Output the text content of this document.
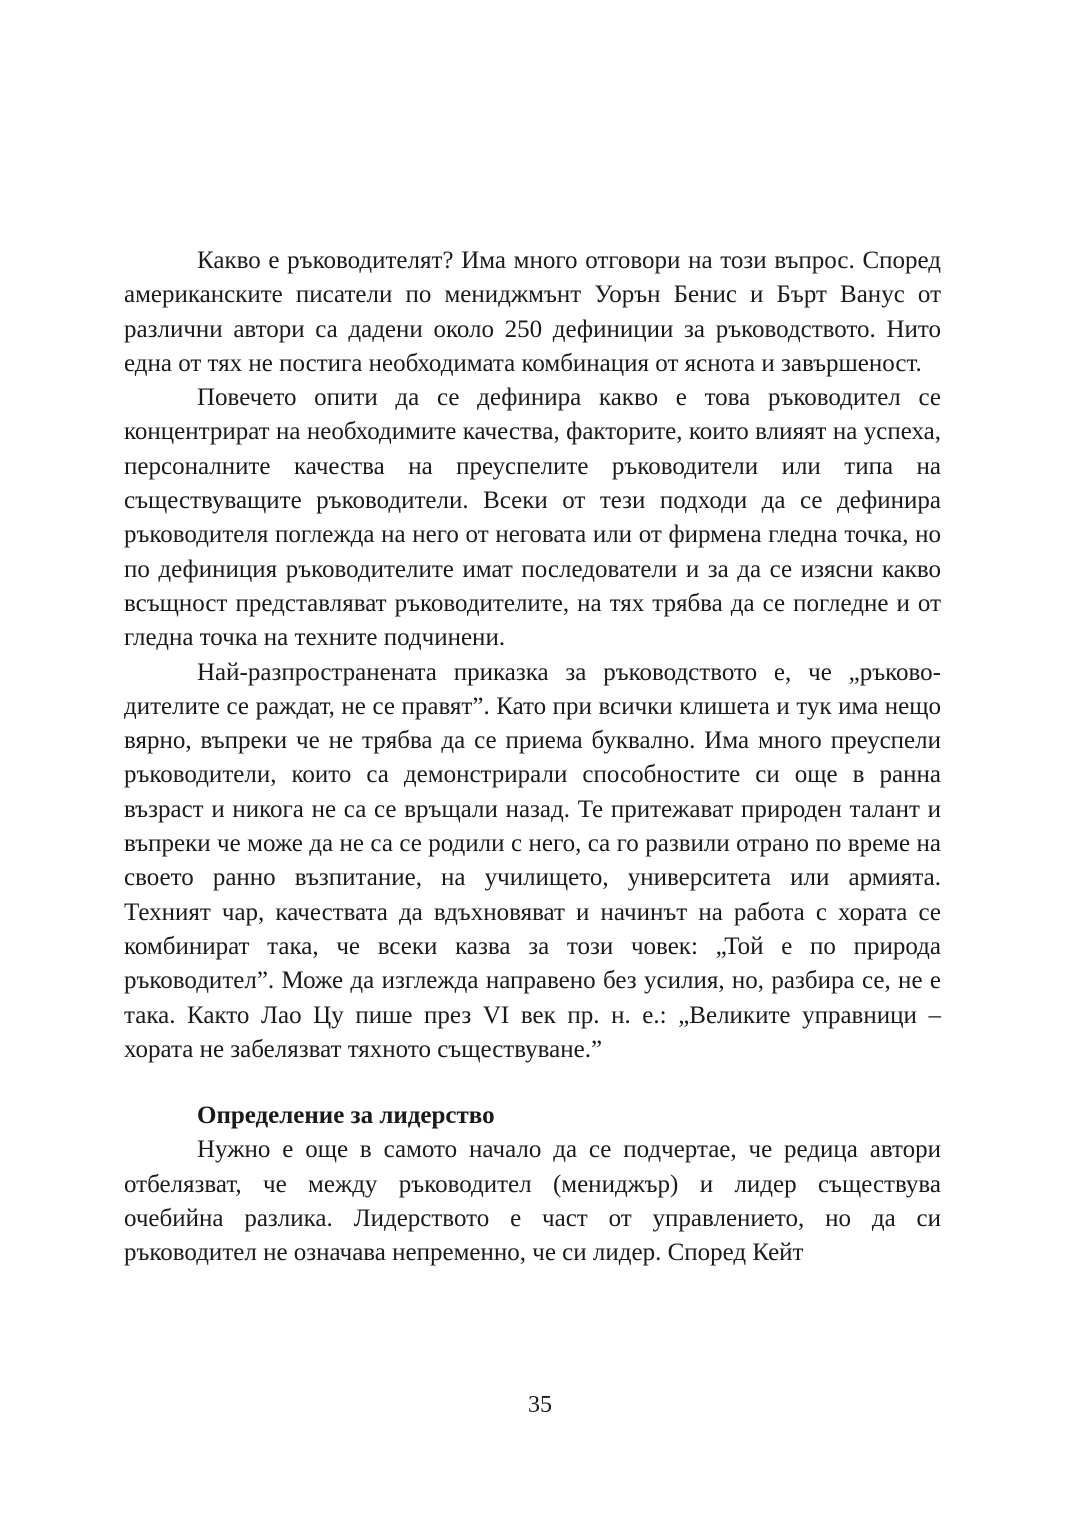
Какво е ръководителят? Има много отговори на този въпрос. Според американските писатели по мениджмънт Уорън Бенис и Бърт Ванус от различни автори са дадени около 250 дефиниции за ръководството. Нито една от тях не постига необходимата комбинация от яснота и завършеност.

Повечето опити да се дефинира какво е това ръководител се концентрират на необходимите качества, факторите, които влияят на успеха, персоналните качества на преуспелите ръководители или типа на съществуващите ръководители. Всеки от тези подходи да се дефинира ръководителя поглежда на него от неговата или от фирмена гледна точка, но по дефиниция ръководителите имат последователи и за да се изясни какво всъщност представляват ръководителите, на тях трябва да се погледне и от гледна точка на техните подчинени.

Най-разпространената приказка за ръководството е, че „ръководителите се раждат, не се правят”. Като при всички клишета и тук има нещо вярно, въпреки че не трябва да се приема буквално. Има много преуспели ръководители, които са демонстрирали способностите си още в ранна възраст и никога не са се връщали назад. Те притежават природен талант и въпреки че може да не са се родили с него, са го развили отрано по време на своето ранно възпитание, на училището, университета или армията. Техният чар, качествата да вдъхновяват и начинът на работа с хората се комбинират така, че всеки казва за този човек: „Той е по природа ръководител”. Може да изглежда направено без усилия, но, разбира се, не е така. Както Лао Цу пише през VI век пр. н. е.: „Великите управници – хората не забелязват тяхното съществуване.”

Определение за лидерство

Нужно е още в самото начало да се подчертае, че редица автори отбелязват, че между ръководител (мениджър) и лидер съществува очебийна разлика. Лидерството е част от управлението, но да си ръководител не означава непременно, че си лидер. Според Кейт

35
